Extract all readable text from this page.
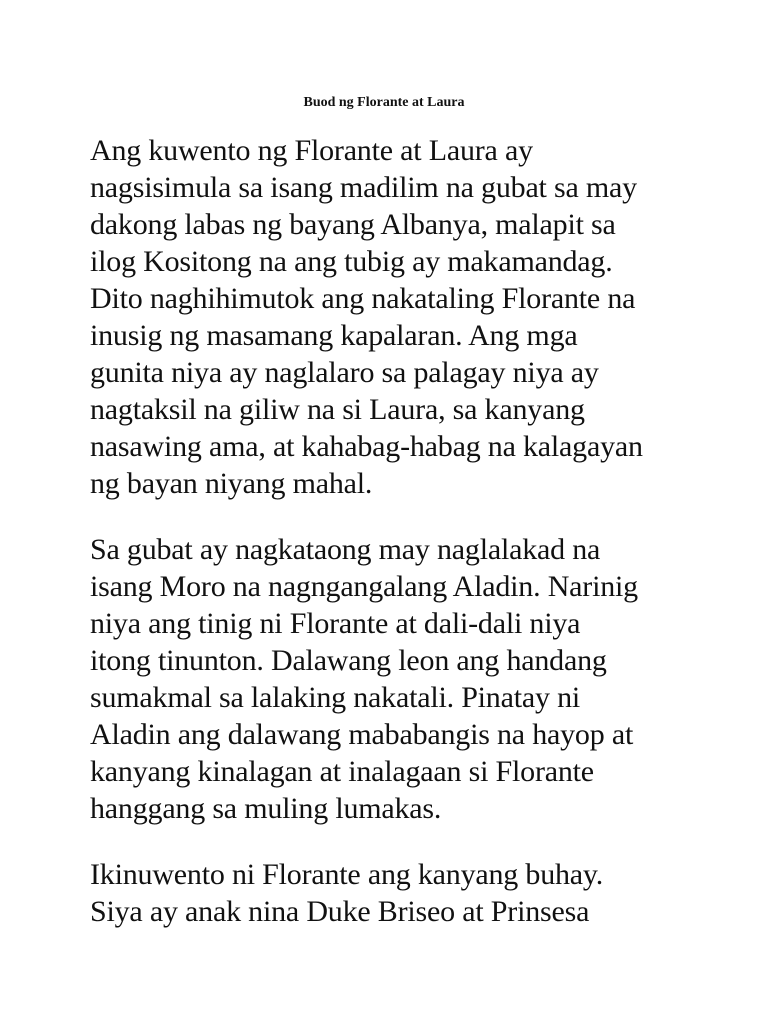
Buod ng Florante at Laura

Ang kuwento ng Florante at Laura ay
nagsisimula sa isang madilim na gubat sa may
dakong labas ng bayang Albanya, malapit sa
ilog Kositong na ang tubig ay makamandag.
Dito naghihimutok ang nakataling Florante na
inusig ng masamang kapalaran. Ang mga
gunita niya ay naglalaro sa palagay niya ay
nagtaksil na giliw na si Laura, sa kanyang
nasawing ama, at kahabag-habag na kalagayan
ng bayan niyang mahal.

Sa gubat ay nagkataong may naglalakad na
isang Moro na nagngangalang Aladin. Narinig
niya ang tinig ni Florante at dali-dali niya
itong tinunton. Dalawang leon ang handang
sumakmal sa lalaking nakatali. Pinatay ni
Aladin ang dalawang mababangis na hayop at
kanyang kinalagan at inalagaan si Florante
hanggang sa muling lumakas.

Ikinuwento ni Florante ang kanyang buhay.
Siya ay anak nina Duke Briseo at Prinsesa
